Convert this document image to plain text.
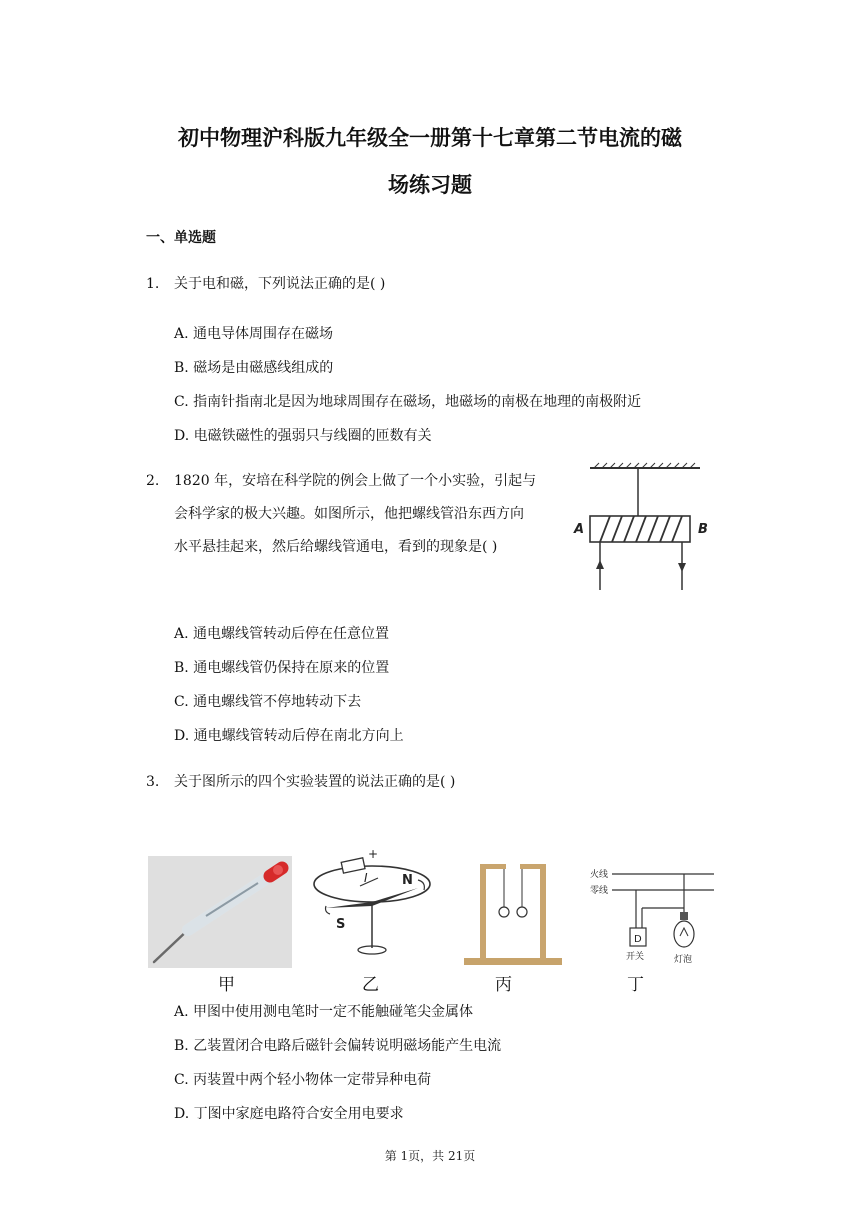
初中物理沪科版九年级全一册第十七章第二节电流的磁
场练习题
一、单选题
1. 关于电和磁，下列说法正确的是( )
A. 通电导体周围存在磁场
B. 磁场是由磁感线组成的
C. 指南针指南北是因为地球周围存在磁场，地磁场的南极在地理的南极附近
D. 电磁铁磁性的强弱只与线圈的匝数有关
2. 1820 年，安培在科学院的例会上做了一个小实验，引起与
会科学家的极大兴趣。如图所示，他把螺线管沿东西方向
水平悬挂起来，然后给螺线管通电，看到的现象是( )
A	B
A. 通电螺线管转动后停在任意位置
B. 通电螺线管仍保持在原来的位置
C. 通电螺线管不停地转动下去
D. 通电螺线管转动后停在南北方向上
3. 关于图所示的四个实验装置的说法正确的是( )
+
I	N
S
火线
零线
D
开关	灯泡
甲	乙	丙	丁
A. 甲图中使用测电笔时一定不能触碰笔尖金属体
B. 乙装置闭合电路后磁针会偏转说明磁场能产生电流
C. 丙装置中两个轻小物体一定带异种电荷
D. 丁图中家庭电路符合安全用电要求
第 1页，共 21页
